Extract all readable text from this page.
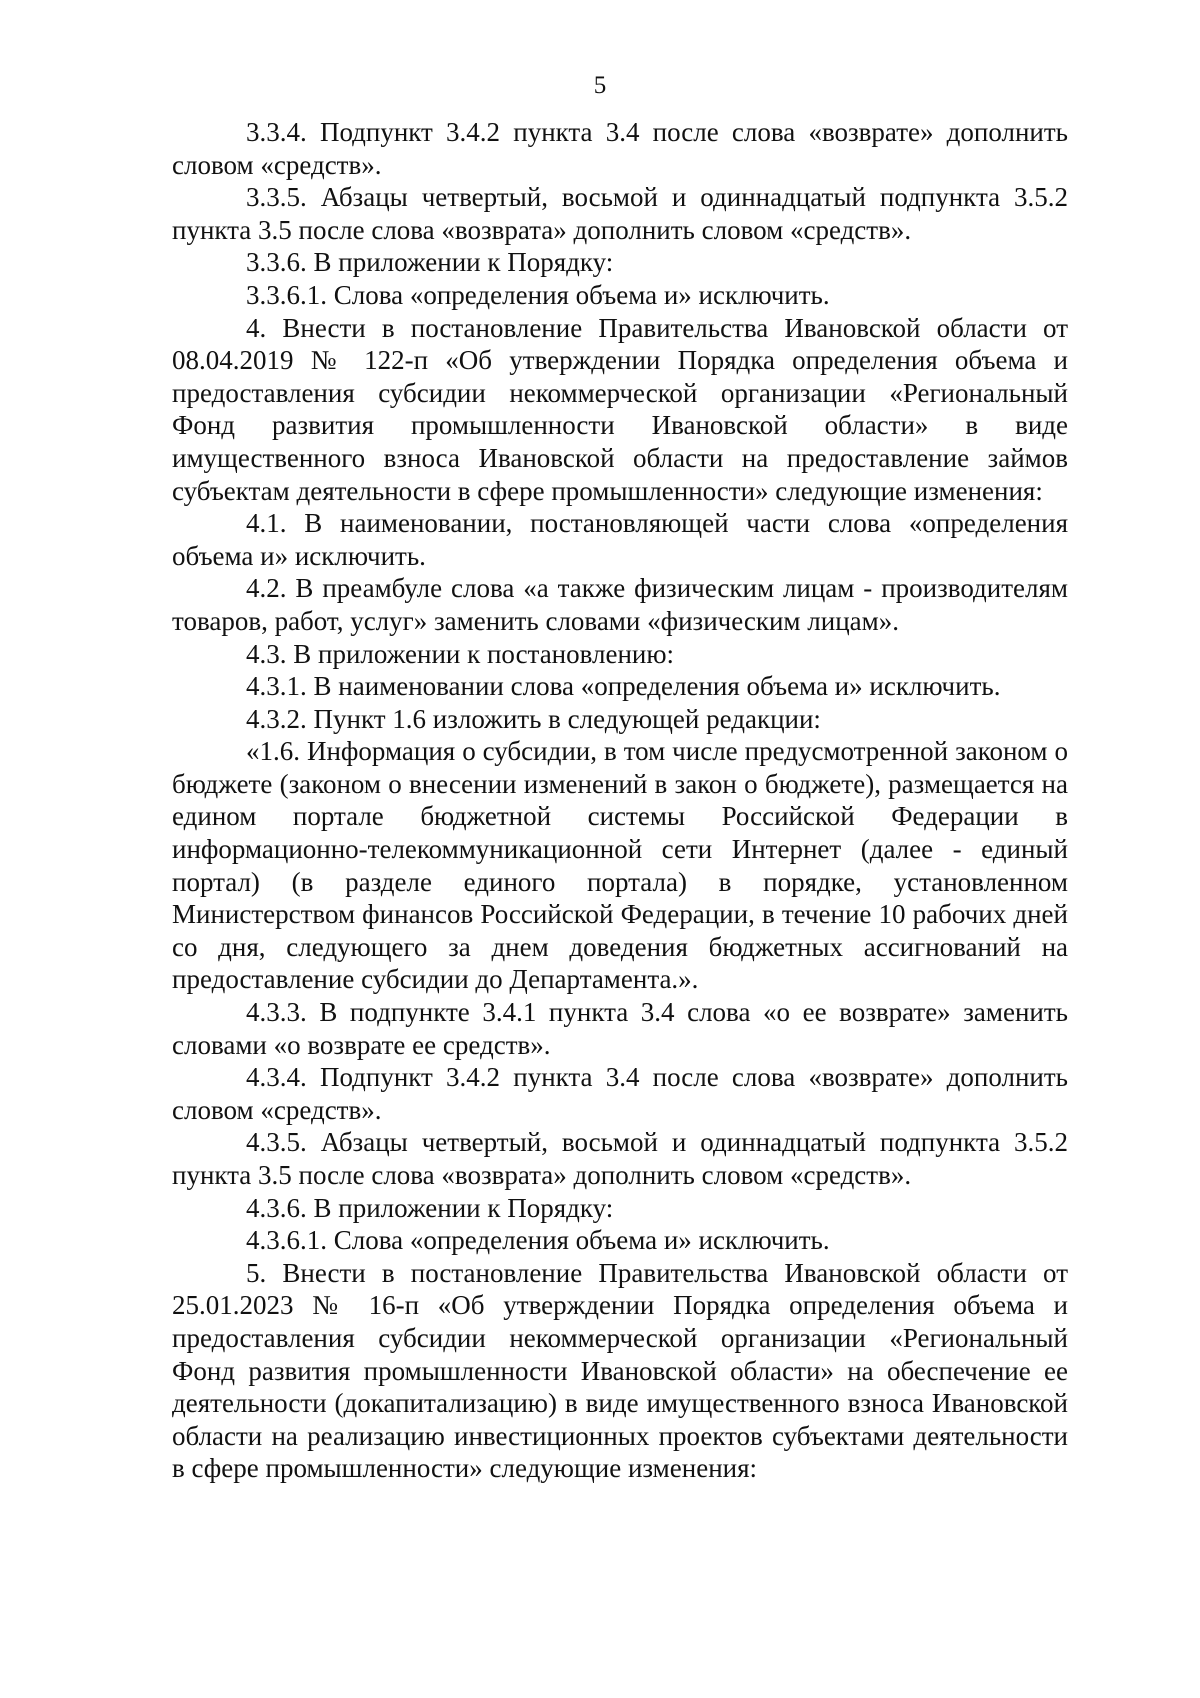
5

3.3.4. Подпункт 3.4.2 пункта 3.4 после слова «возврате» дополнить словом «средств».

3.3.5. Абзацы четвертый, восьмой и одиннадцатый подпункта 3.5.2 пункта 3.5 после слова «возврата» дополнить словом «средств».

3.3.6. В приложении к Порядку:

3.3.6.1. Слова «определения объема и» исключить.

4. Внести в постановление Правительства Ивановской области от 08.04.2019 № 122-п «Об утверждении Порядка определения объема и предоставления субсидии некоммерческой организации «Региональный Фонд развития промышленности Ивановской области» в виде имущественного взноса Ивановской области на предоставление займов субъектам деятельности в сфере промышленности» следующие изменения:

4.1. В наименовании, постановляющей части слова «определения объема и» исключить.

4.2. В преамбуле слова «а также физическим лицам - производителям товаров, работ, услуг» заменить словами «физическим лицам».

4.3. В приложении к постановлению:

4.3.1. В наименовании слова «определения объема и» исключить.

4.3.2. Пункт 1.6 изложить в следующей редакции:

«1.6. Информация о субсидии, в том числе предусмотренной законом о бюджете (законом о внесении изменений в закон о бюджете), размещается на едином портале бюджетной системы Российской Федерации в информационно-телекоммуникационной сети Интернет (далее - единый портал) (в разделе единого портала) в порядке, установленном Министерством финансов Российской Федерации, в течение 10 рабочих дней со дня, следующего за днем доведения бюджетных ассигнований на предоставление субсидии до Департамента.».

4.3.3. В подпункте 3.4.1 пункта 3.4 слова «о ее возврате» заменить словами «о возврате ее средств».

4.3.4. Подпункт 3.4.2 пункта 3.4 после слова «возврате» дополнить словом «средств».

4.3.5. Абзацы четвертый, восьмой и одиннадцатый подпункта 3.5.2 пункта 3.5 после слова «возврата» дополнить словом «средств».

4.3.6. В приложении к Порядку:

4.3.6.1. Слова «определения объема и» исключить.

5. Внести в постановление Правительства Ивановской области от 25.01.2023 № 16-п «Об утверждении Порядка определения объема и предоставления субсидии некоммерческой организации «Региональный Фонд развития промышленности Ивановской области» на обеспечение ее деятельности (докапитализацию) в виде имущественного взноса Ивановской области на реализацию инвестиционных проектов субъектами деятельности в сфере промышленности» следующие изменения:
